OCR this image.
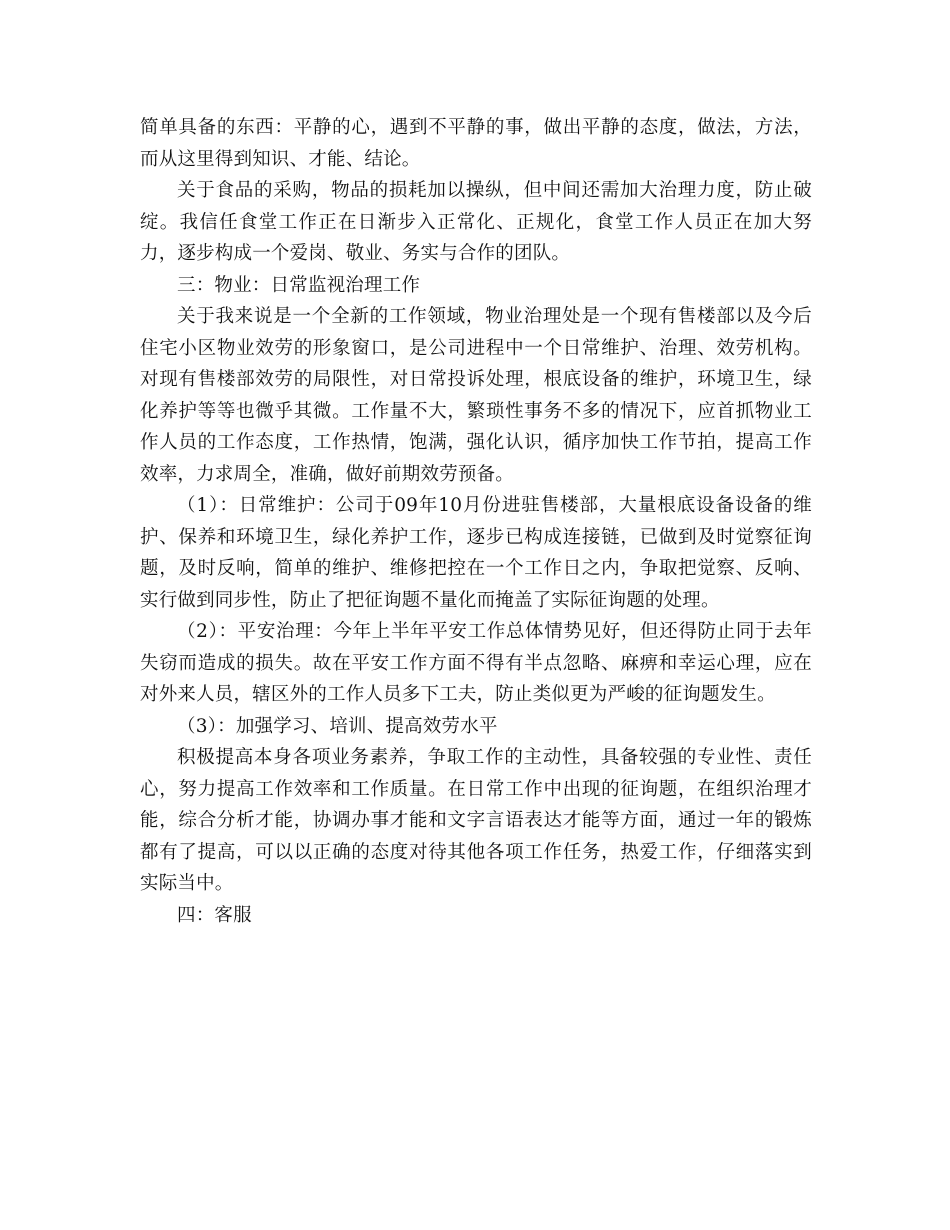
简单具备的东西：平静的心，遇到不平静的事，做出平静的态度，做法，方法，而从这里得到知识、才能、结论。

关于食品的采购，物品的损耗加以操纵，但中间还需加大治理力度，防止破绽。我信任食堂工作正在日渐步入正常化、正规化，食堂工作人员正在加大努力，逐步构成一个爱岗、敬业、务实与合作的团队。

三：物业：日常监视治理工作

关于我来说是一个全新的工作领域，物业治理处是一个现有售楼部以及今后住宅小区物业效劳的形象窗口，是公司进程中一个日常维护、治理、效劳机构。对现有售楼部效劳的局限性，对日常投诉处理，根底设备的维护，环境卫生，绿化养护等等也微乎其微。工作量不大，繁琐性事务不多的情况下，应首抓物业工作人员的工作态度，工作热情，饱满，强化认识，循序加快工作节拍，提高工作效率，力求周全，准确，做好前期效劳预备。

（1）：日常维护：公司于09年10月份进驻售楼部，大量根底设备设备的维护、保养和环境卫生，绿化养护工作，逐步已构成连接链，已做到及时觉察征询题，及时反响，简单的维护、维修把控在一个工作日之内，争取把觉察、反响、实行做到同步性，防止了把征询题不量化而掩盖了实际征询题的处理。

（2）：平安治理：今年上半年平安工作总体情势见好，但还得防止同于去年失窃而造成的损失。故在平安工作方面不得有半点忽略、麻痹和幸运心理，应在对外来人员，辖区外的工作人员多下工夫，防止类似更为严峻的征询题发生。

（3）：加强学习、培训、提高效劳水平

积极提高本身各项业务素养，争取工作的主动性，具备较强的专业性、责任心，努力提高工作效率和工作质量。在日常工作中出现的征询题，在组织治理才能，综合分析才能，协调办事才能和文字言语表达才能等方面，通过一年的锻炼都有了提高，可以以正确的态度对待其他各项工作任务，热爱工作，仔细落实到实际当中。

四：客服
